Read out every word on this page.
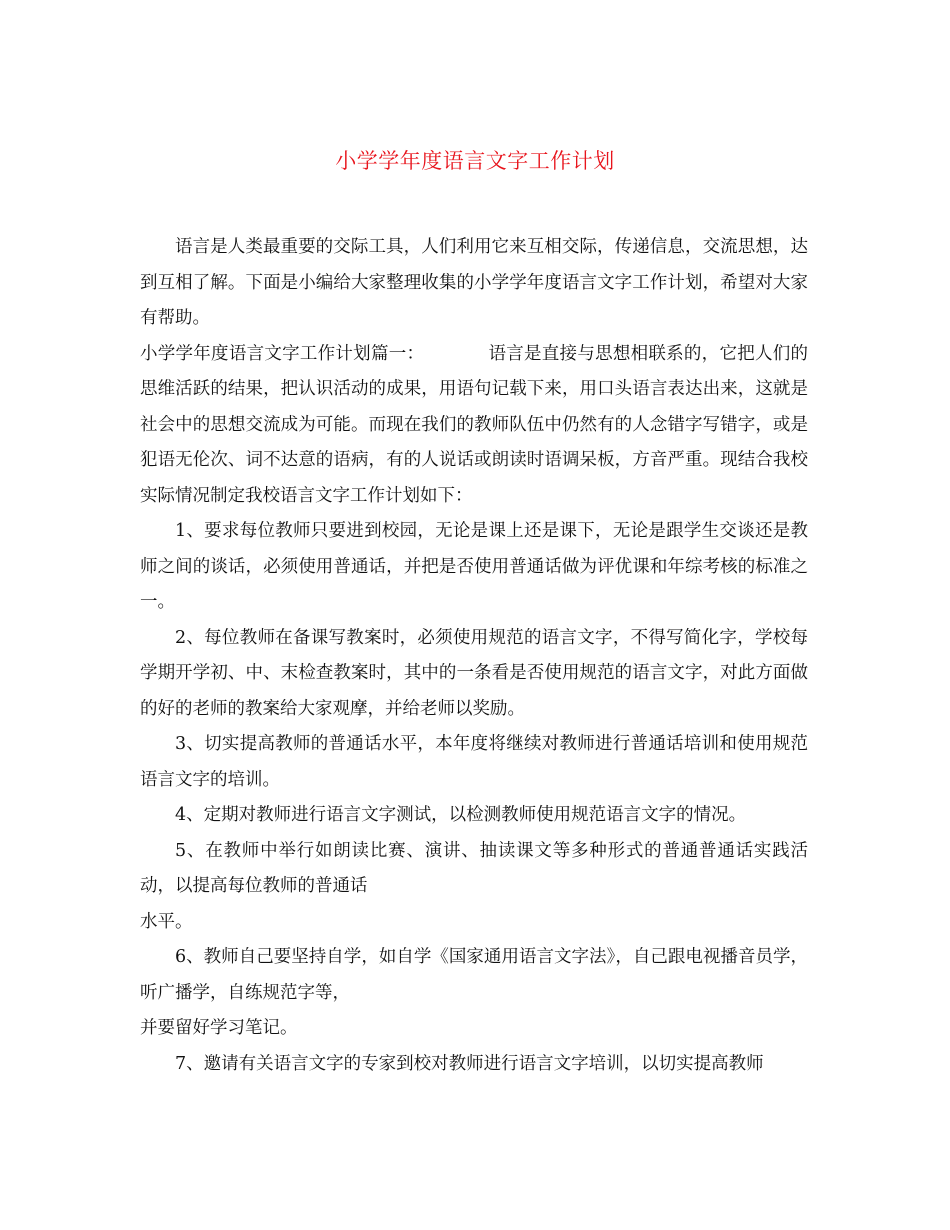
小学学年度语言文字工作计划

语言是人类最重要的交际工具，人们利用它来互相交际，传递信息，交流思想，达到互相了解。下面是小编给大家整理收集的小学学年度语言文字工作计划，希望对大家有帮助。

小学学年度语言文字工作计划篇一：	语言是直接与思想相联系的，它把人们的思维活跃的结果，把认识活动的成果，用语句记载下来，用口头语言表达出来，这就是社会中的思想交流成为可能。而现在我们的教师队伍中仍然有的人念错字写错字，或是犯语无伦次、词不达意的语病，有的人说话或朗读时语调呆板，方音严重。现结合我校实际情况制定我校语言文字工作计划如下：

1、要求每位教师只要进到校园，无论是课上还是课下，无论是跟学生交谈还是教师之间的谈话，必须使用普通话，并把是否使用普通话做为评优课和年综考核的标准之一。

2、每位教师在备课写教案时，必须使用规范的语言文字，不得写简化字，学校每学期开学初、中、末检查教案时，其中的一条看是否使用规范的语言文字，对此方面做的好的老师的教案给大家观摩，并给老师以奖励。

3、切实提高教师的普通话水平，本年度将继续对教师进行普通话培训和使用规范语言文字的培训。

4、定期对教师进行语言文字测试，以检测教师使用规范语言文字的情况。

5、在教师中举行如朗读比赛、演讲、抽读课文等多种形式的普通普通话实践活动，以提高每位教师的普通话

水平。

6、教师自己要坚持自学，如自学《国家通用语言文字法》，自己跟电视播音员学，听广播学，自练规范字等，

并要留好学习笔记。

7、邀请有关语言文字的专家到校对教师进行语言文字培训，以切实提高教师
